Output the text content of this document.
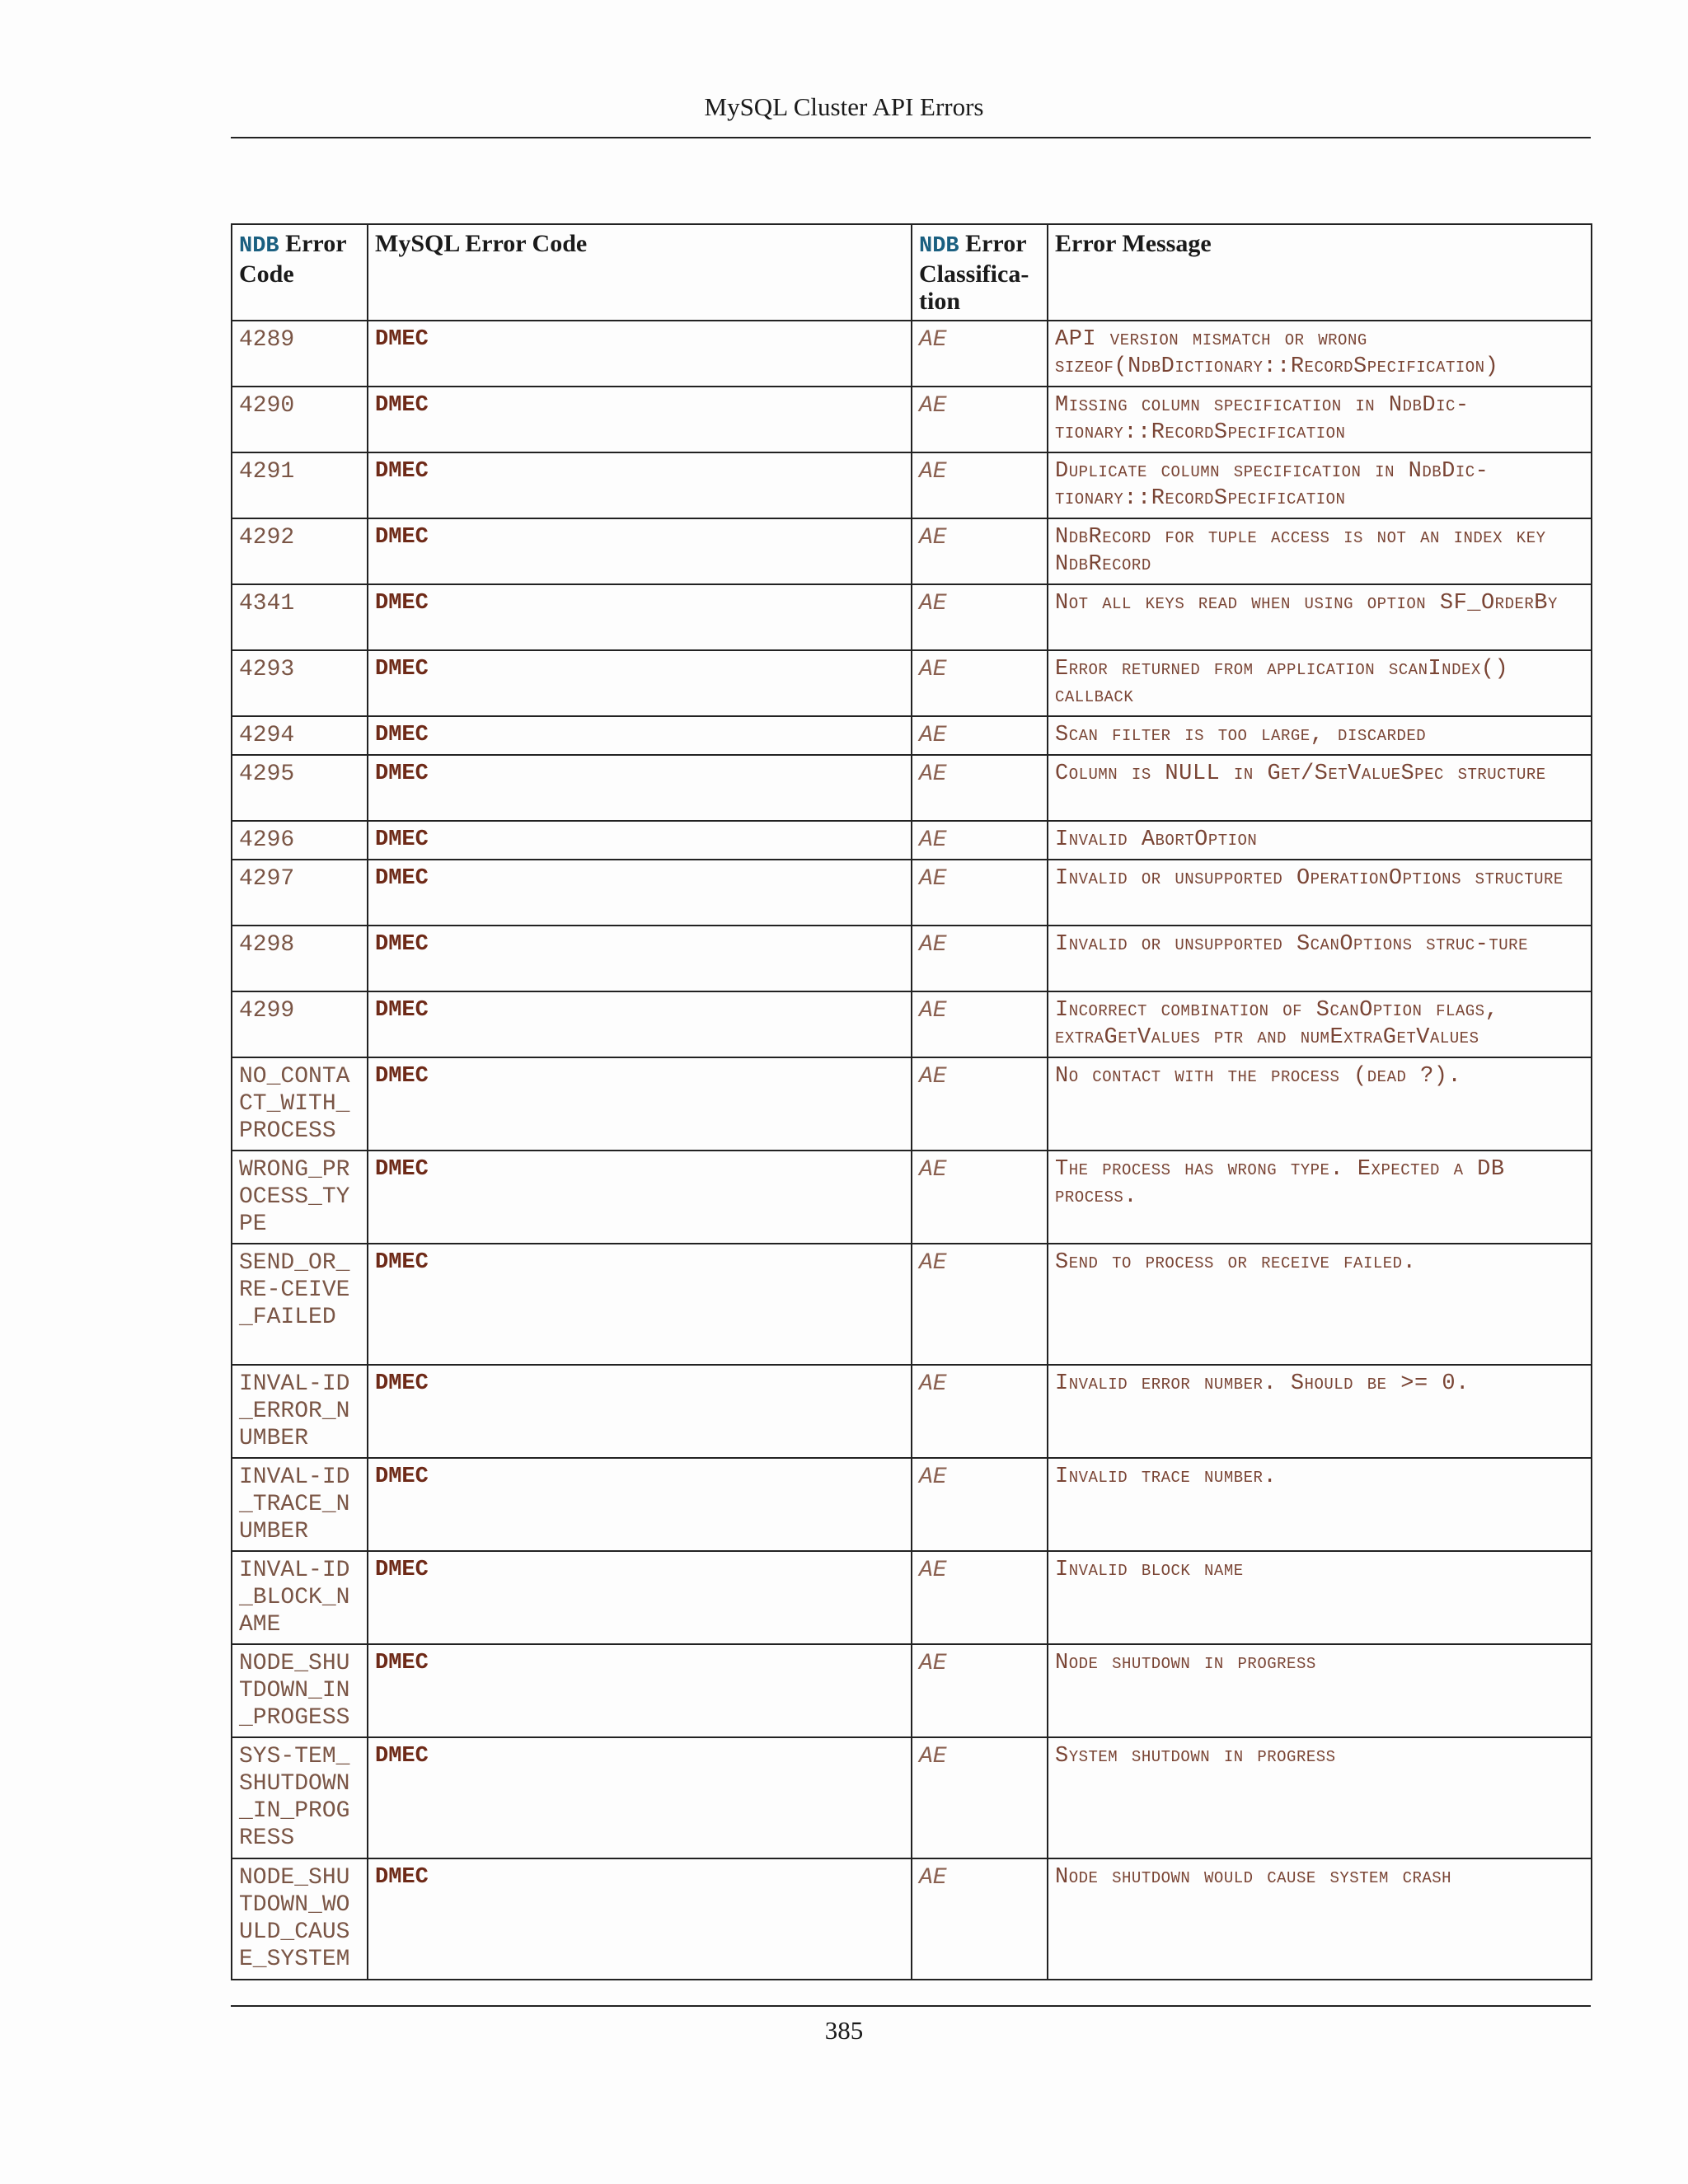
MySQL Cluster API Errors
NDB Error Code	MySQL Error Code	NDB Error Classifica-tion	Error Message
4289	DMEC	AE	API version mismatch or wrong sizeof(NdbDictionary::RecordSpecification)
4290	DMEC	AE	Missing column specification in NdbDic-tionary::RecordSpecification
4291	DMEC	AE	Duplicate column specification in NdbDic-tionary::RecordSpecification
4292	DMEC	AE	NdbRecord for tuple access is not an index key NdbRecord
4341	DMEC	AE	Not all keys read when using option SF_OrderBy
4293	DMEC	AE	Error returned from application scanIndex() callback
4294	DMEC	AE	Scan filter is too large, discarded
4295	DMEC	AE	Column is NULL in Get/SetValueSpec structure
4296	DMEC	AE	Invalid AbortOption
4297	DMEC	AE	Invalid or unsupported OperationOptions structure
4298	DMEC	AE	Invalid or unsupported ScanOptions struc-ture
4299	DMEC	AE	Incorrect combination of ScanOption flags, extraGetValues ptr and numExtraGetValues
NO_CONTACT_WITH_PROCESS	DMEC	AE	No contact with the process (dead ?).
WRONG_PROCESS_TYPE	DMEC	AE	The process has wrong type. Expected a DB process.
SEND_OR_RE-CEIVE_FAILED	DMEC	AE	Send to process or receive failed.
INVAL-ID_ERROR_NUMBER	DMEC	AE	Invalid error number. Should be >= 0.
INVAL-ID_TRACE_NUMBER	DMEC	AE	Invalid trace number.
INVAL-ID_BLOCK_NAME	DMEC	AE	Invalid block name
NODE_SHUTDOWN_IN_PROGESS	DMEC	AE	Node shutdown in progress
SYS-TEM_SHUTDOWN_IN_PROGRESS	DMEC	AE	System shutdown in progress
NODE_SHUTDOWN_WOULD_CAUSE_SYSTEM	DMEC	AE	Node shutdown would cause system crash
385
